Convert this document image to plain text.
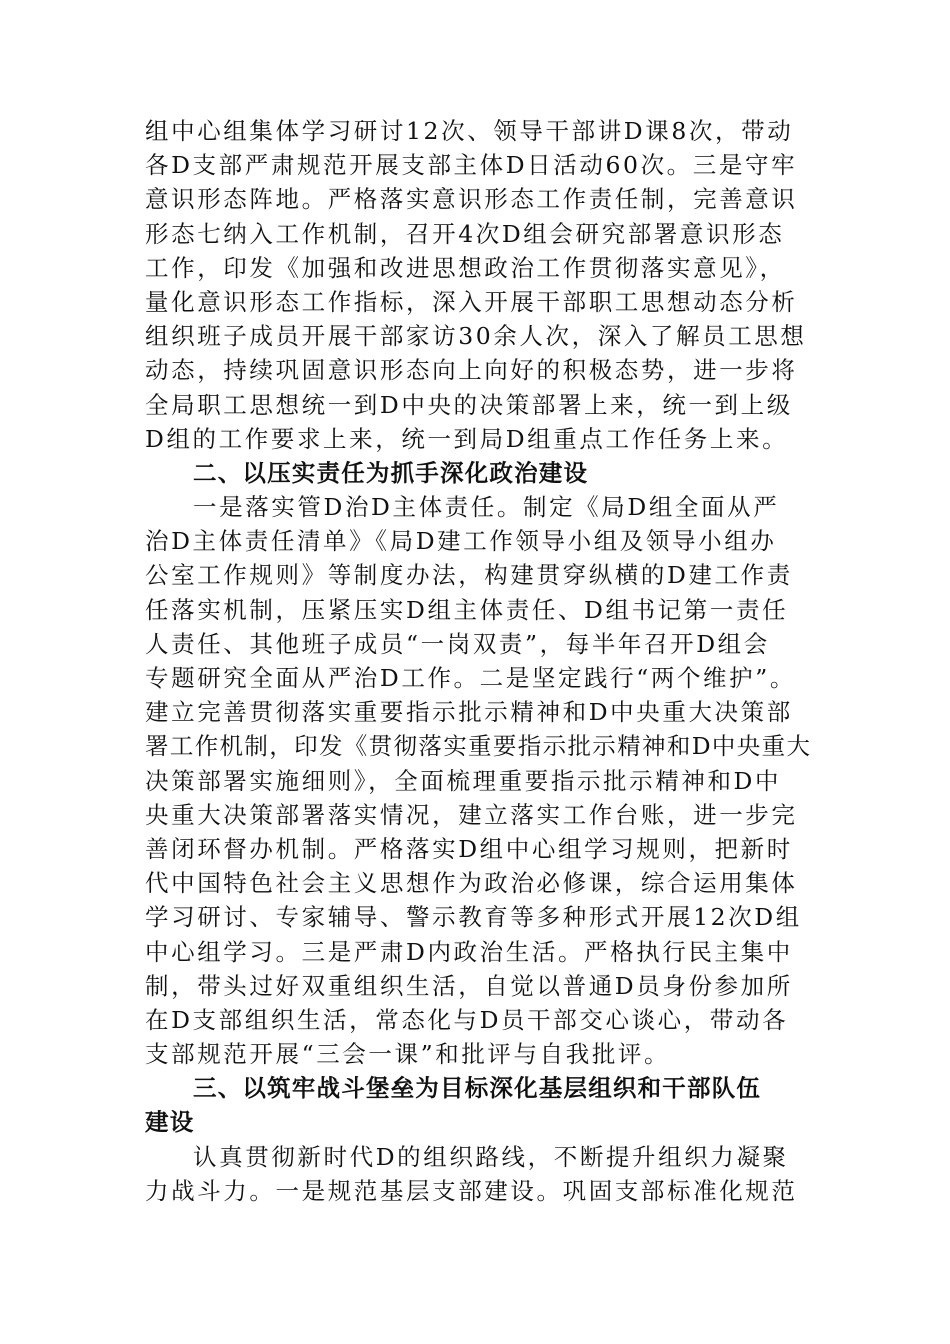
组中心组集体学习研讨12次、领导干部讲D课8次，带动
各D支部严肃规范开展支部主体D日活动60次。三是守牢
意识形态阵地。严格落实意识形态工作责任制，完善意识
形态七纳入工作机制，召开4次D组会研究部署意识形态
工作，印发《加强和改进思想政治工作贯彻落实意见》，
量化意识形态工作指标，深入开展干部职工思想动态分析
组织班子成员开展干部家访30余人次，深入了解员工思想
动态，持续巩固意识形态向上向好的积极态势，进一步将
全局职工思想统一到D中央的决策部署上来，统一到上级
D组的工作要求上来，统一到局D组重点工作任务上来。
二、以压实责任为抓手深化政治建设
一是落实管D治D主体责任。制定《局D组全面从严
治D主体责任清单》《局D建工作领导小组及领导小组办
公室工作规则》等制度办法，构建贯穿纵横的D建工作责
任落实机制，压紧压实D组主体责任、D组书记第一责任
人责任、其他班子成员“一岗双责”，每半年召开D组会
专题研究全面从严治D工作。二是坚定践行“两个维护”。
建立完善贯彻落实重要指示批示精神和D中央重大决策部
署工作机制，印发《贯彻落实重要指示批示精神和D中央重大
决策部署实施细则》，全面梳理重要指示批示精神和D中
央重大决策部署落实情况，建立落实工作台账，进一步完
善闭环督办机制。严格落实D组中心组学习规则，把新时
代中国特色社会主义思想作为政治必修课，综合运用集体
学习研讨、专家辅导、警示教育等多种形式开展12次D组
中心组学习。三是严肃D内政治生活。严格执行民主集中
制，带头过好双重组织生活，自觉以普通D员身份参加所
在D支部组织生活，常态化与D员干部交心谈心，带动各
支部规范开展“三会一课”和批评与自我批评。
三、以筑牢战斗堡垒为目标深化基层组织和干部队伍
建设
认真贯彻新时代D的组织路线，不断提升组织力凝聚
力战斗力。一是规范基层支部建设。巩固支部标准化规范
